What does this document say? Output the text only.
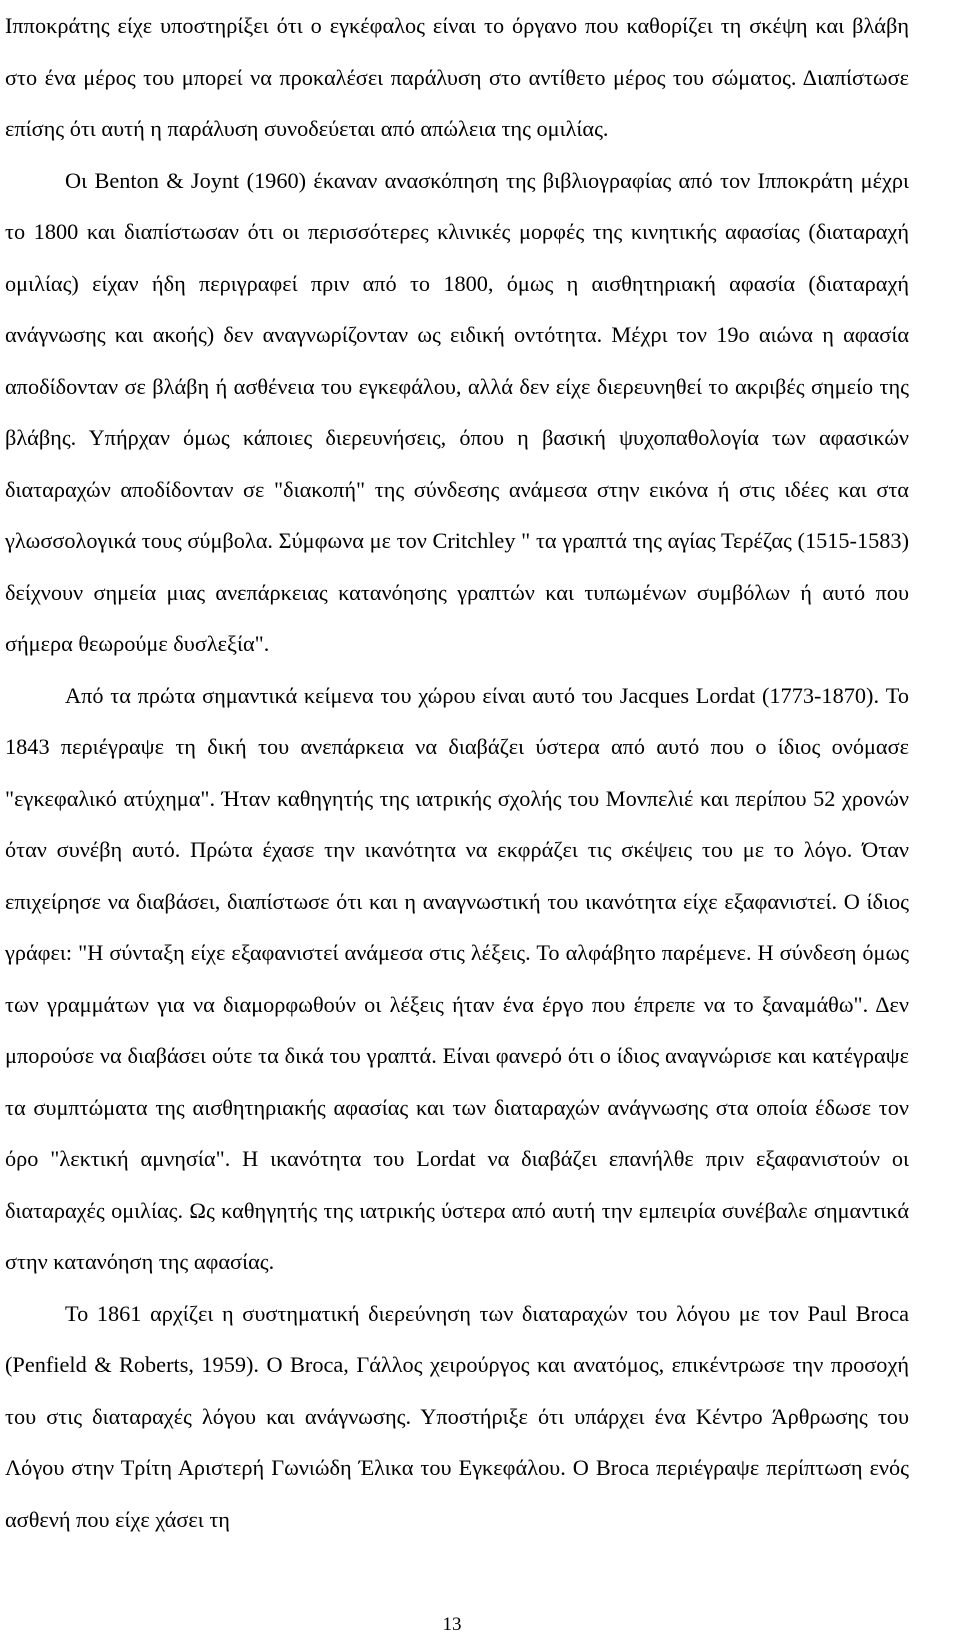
Ιπποκράτης είχε υποστηρίξει ότι ο εγκέφαλος είναι το όργανο που καθορίζει τη σκέψη και βλάβη στο ένα μέρος του μπορεί να προκαλέσει παράλυση στο αντίθετο μέρος του σώματος. Διαπίστωσε επίσης ότι αυτή η παράλυση συνοδεύεται από απώλεια της ομιλίας.

Οι Benton & Joynt (1960) έκαναν ανασκόπηση της βιβλιογραφίας από τον Ιπποκράτη μέχρι το 1800 και διαπίστωσαν ότι οι περισσότερες κλινικές μορφές της κινητικής αφασίας (διαταραχή ομιλίας) είχαν ήδη περιγραφεί πριν από το 1800, όμως η αισθητηριακή αφασία (διαταραχή ανάγνωσης και ακοής) δεν αναγνωρίζονταν ως ειδική οντότητα. Μέχρι τον 19ο αιώνα η αφασία αποδίδονταν σε βλάβη ή ασθένεια του εγκεφάλου, αλλά δεν είχε διερευνηθεί το ακριβές σημείο της βλάβης. Υπήρχαν όμως κάποιες διερευνήσεις, όπου η βασική ψυχοπαθολογία των αφασικών διαταραχών αποδίδονταν σε "διακοπή" της σύνδεσης ανάμεσα στην εικόνα ή στις ιδέες και στα γλωσσολογικά τους σύμβολα. Σύμφωνα με τον Critchley " τα γραπτά της αγίας Τερέζας (1515-1583) δείχνουν σημεία μιας ανεπάρκειας κατανόησης γραπτών και τυπωμένων συμβόλων ή αυτό που σήμερα θεωρούμε δυσλεξία".

Από τα πρώτα σημαντικά κείμενα του χώρου είναι αυτό του Jacques Lordat (1773-1870). Το 1843 περιέγραψε τη δική του ανεπάρκεια να διαβάζει ύστερα από αυτό που ο ίδιος ονόμασε "εγκεφαλικό ατύχημα". Ήταν καθηγητής της ιατρικής σχολής του Μονπελιέ και περίπου 52 χρονών όταν συνέβη αυτό. Πρώτα έχασε την ικανότητα να εκφράζει τις σκέψεις του με το λόγο. Όταν επιχείρησε να διαβάσει, διαπίστωσε ότι και η αναγνωστική του ικανότητα είχε εξαφανιστεί. Ο ίδιος γράφει: "Η σύνταξη είχε εξαφανιστεί ανάμεσα στις λέξεις. Το αλφάβητο παρέμενε. Η σύνδεση όμως των γραμμάτων για να διαμορφωθούν οι λέξεις ήταν ένα έργο που έπρεπε να το ξαναμάθω". Δεν μπορούσε να διαβάσει ούτε τα δικά του γραπτά. Είναι φανερό ότι ο ίδιος αναγνώρισε και κατέγραψε τα συμπτώματα της αισθητηριακής αφασίας και των διαταραχών ανάγνωσης στα οποία έδωσε τον όρο "λεκτική αμνησία". Η ικανότητα του Lordat να διαβάζει επανήλθε πριν εξαφανιστούν οι διαταραχές ομιλίας. Ως καθηγητής της ιατρικής ύστερα από αυτή την εμπειρία συνέβαλε σημαντικά στην κατανόηση της αφασίας.

Το 1861 αρχίζει η συστηματική διερεύνηση των διαταραχών του λόγου με τον Paul Broca (Penfield & Roberts, 1959). Ο Broca, Γάλλος χειρούργος και ανατόμος, επικέντρωσε την προσοχή του στις διαταραχές λόγου και ανάγνωσης. Υποστήριξε ότι υπάρχει ένα Κέντρο Άρθρωσης του Λόγου στην Τρίτη Αριστερή Γωνιώδη Έλικα του Εγκεφάλου. Ο Broca περιέγραψε περίπτωση ενός ασθενή που είχε χάσει τη

13
